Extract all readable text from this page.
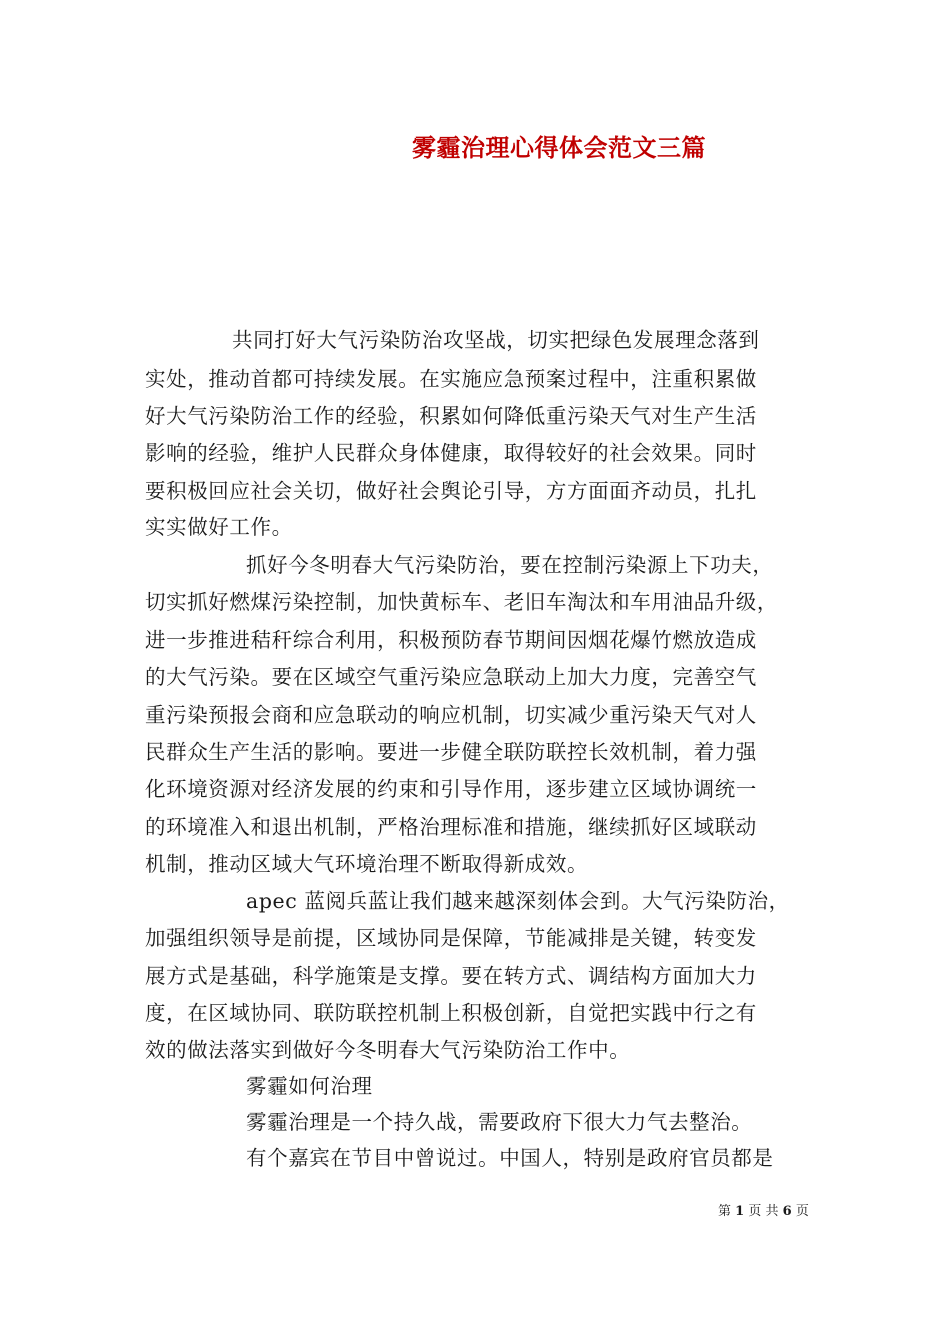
雾霾治理心得体会范文三篇
共同打好大气污染防治攻坚战，切实把绿色发展理念落到
实处，推动首都可持续发展。在实施应急预案过程中，注重积累做
好大气污染防治工作的经验，积累如何降低重污染天气对生产生活
影响的经验，维护人民群众身体健康，取得较好的社会效果。同时
要积极回应社会关切，做好社会舆论引导，方方面面齐动员，扎扎
实实做好工作。
抓好今冬明春大气污染防治，要在控制污染源上下功夫，
切实抓好燃煤污染控制，加快黄标车、老旧车淘汰和车用油品升级，
进一步推进秸秆综合利用，积极预防春节期间因烟花爆竹燃放造成
的大气污染。要在区域空气重污染应急联动上加大力度，完善空气
重污染预报会商和应急联动的响应机制，切实减少重污染天气对人
民群众生产生活的影响。要进一步健全联防联控长效机制，着力强
化环境资源对经济发展的约束和引导作用，逐步建立区域协调统一
的环境准入和退出机制，严格治理标准和措施，继续抓好区域联动
机制，推动区域大气环境治理不断取得新成效。
apec 蓝阅兵蓝让我们越来越深刻体会到。大气污染防治，
加强组织领导是前提，区域协同是保障，节能减排是关键，转变发
展方式是基础，科学施策是支撑。要在转方式、调结构方面加大力
度，在区域协同、联防联控机制上积极创新，自觉把实践中行之有
效的做法落实到做好今冬明春大气污染防治工作中。
雾霾如何治理
雾霾治理是一个持久战，需要政府下很大力气去整治。
有个嘉宾在节目中曾说过。中国人，特别是政府官员都是
第 1 页 共 6 页
